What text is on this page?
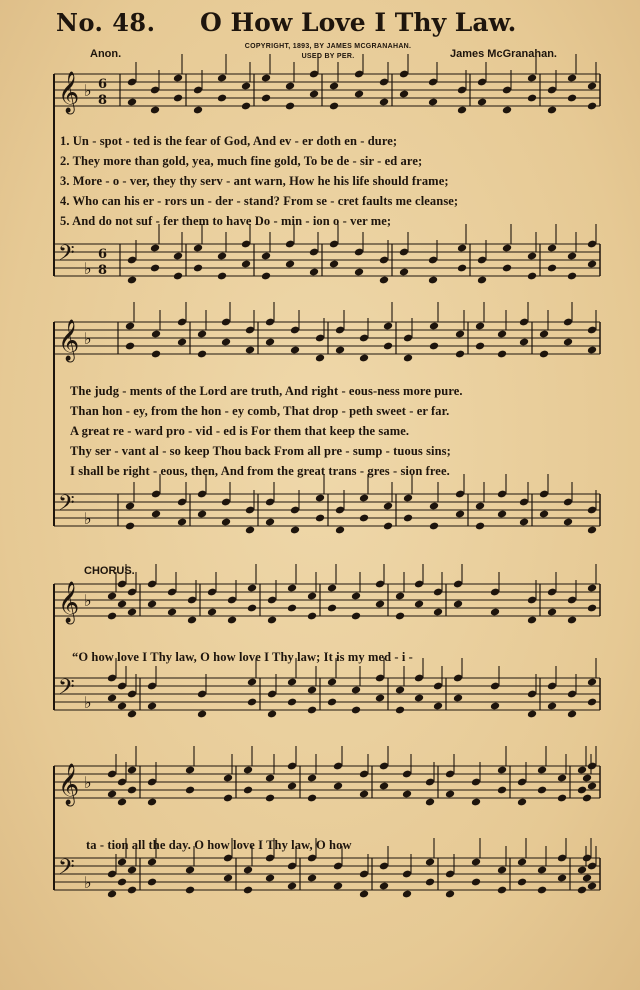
No. 48. O How Love I Thy Law.
Anon.
COPYRIGHT, 1893, BY JAMES MCGRANAHAN.
USED BY PER.	James McGranahan.
𝄞 ♭ 6
8
𝄢 ♭
6
8
𝄞 ♭
𝄢 ♭
𝄞 ♭
𝄢 ♭
𝄞 ♭
𝄢 ♭
1. Un - spot - ted is the fear of God, And ev - er doth en - dure;
2. They more than gold, yea, much fine gold, To be de - sir - ed are;
3. More - o - ver, they thy serv - ant warn, How he his life should frame;
4. Who can his er - rors un - der - stand? From se - cret faults me cleanse;
5. And do not suf - fer them to have Do - min - ion o - ver me;
The judg - ments of the Lord are truth, And right - eous-ness more pure.
Than hon - ey, from the hon - ey comb, That drop - peth sweet - er far.
A great re - ward pro - vid - ed is For them that keep the same.
Thy ser - vant al - so keep Thou back From all pre - sump - tuous sins;
I shall be right - eous, then, And from the great trans - gres - sion free.
CHORUS.
“O how love I Thy law, O how love I Thy law; It is my med - i -
ta - tion all the day. O how love I Thy law, O how
